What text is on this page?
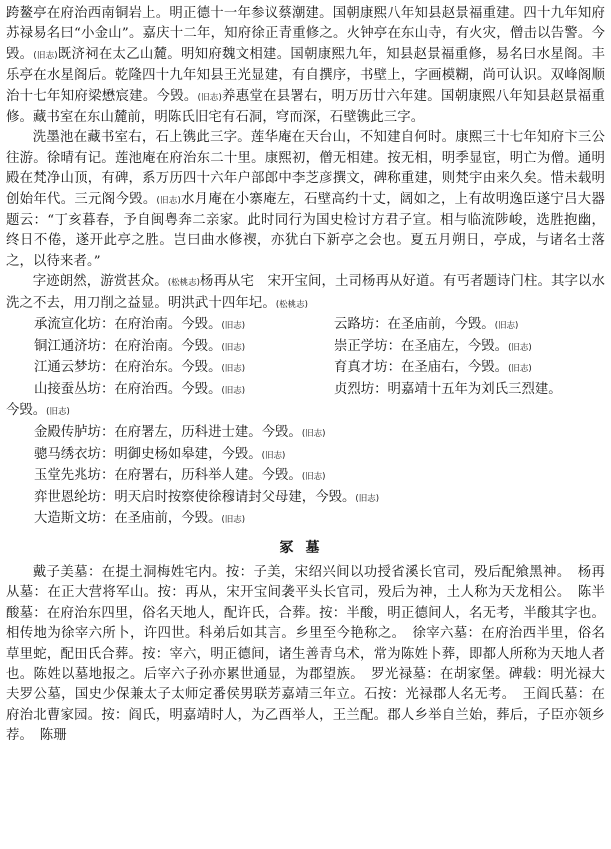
跨鳌亭在府治西南铜岩上。明正德十一年参议蔡潮建。国朝康熙八年知县赵景福重建。四十九年知府苏禄易名曰“小金山”。嘉庆十二年，知府徐正青重修之。火钟亭在东山寺，有火灾，僧击以告警。今毁。(旧志)既济祠在太乙山麓。明知府魏文相建。国朝康熙九年，知县赵景福重修，易名曰水星阁。丰乐亭在水星阁后。乾隆四十九年知县王光显建，有自撰序，书壁上，字画模糊，尚可认识。双峰阁顺治十七年知府梁懋宸建。今毁。(旧志)养惠堂在县署右，明万历廿六年建。国朝康熙八年知县赵景福重修。藏书室在东山麓前，明陈氏旧宅有石洞，穹而深，石壁镌此三字。

洗墨池在藏书室右，石上镌此三字。莲华庵在天台山，不知建自何时。康熙三十七年知府卞三公往游。徐晴有记。莲池庵在府治东二十里。康熙初，僧无相建。按无相，明季显宦，明亡为僧。通明殿在梵净山顶，有碑，系万历四十六年户部郎中李芝彦撰文，碑称重建，则梵宇由来久矣。惜未载明创始年代。三元阁今毁。(旧志)水月庵在小寨庵左，石壁高约十丈，阔如之，上有故明逸臣遂宁吕大器题云：“丁亥暮春，予自闽粤奔二亲家。此时同行为国史检讨方君子宣。相与临流陟峻，选胜抱幽，终日不倦，遂开此亭之胜。岂曰曲水修禊，亦犹白下新亭之会也。夏五月朔日，亭成，与诸名士落之，以待来者。”

字迹朗然，游赏甚众。(松桃志)杨再从宅　宋开宝间，土司杨再从好道。有丐者题诗门柱。其字以水洗之不去，用刀削之益显。明洪武十四年圮。(松桃志)

承流宣化坊：在府治南。今毁。(旧志)	云路坊：在圣庙前，今毁。(旧志)
铜江通济坊：在府治南。今毁。(旧志)	崇正学坊：在圣庙左，今毁。(旧志)
江通云梦坊：在府治东。今毁。(旧志)	育真才坊：在圣庙右，今毁。(旧志)
山接蚕丛坊：在府治西。今毁。(旧志)	贞烈坊：明嘉靖十五年为刘氏三烈建。
今毁。(旧志)
金殿传胪坊：在府署左，历科进士建。今毁。(旧志)
骢马绣衣坊：明御史杨如皋建，今毁。(旧志)
玉堂先兆坊：在府署右，历科举人建。今毁。(旧志)
弈世恩纶坊：明天启时按察使徐穆请封父母建，今毁。(旧志)
大造斯文坊：在圣庙前，今毁。(旧志)
冢墓

戴子美墓：在提土洞梅姓宅内。按：子美，宋绍兴间以功授省溪长官司，殁后配飨黑神。　 杨再从墓：在正大营将军山。按：再从，宋开宝间袭平头长官司，殁后为神，土人称为天龙相公。　 陈半酸墓：在府治东四里，俗名天地人，配许氏，合葬。按：半酸，明正德间人，名无考，半酸其字也。相传地为徐宰六所卜，许四世。科弟后如其言。乡里至今艳称之。　 徐宰六墓：在府治西半里，俗名草里蛇，配田氏合葬。按：宰六，明正德间，诸生善青乌术，常为陈姓卜葬，即都人所称为天地人者也。陈姓以墓地报之。后宰六子孙亦累世通显，为郡望族。　 罗光禄墓：在胡家堡。碑载：明光禄大夫罗公墓，国史少保兼太子太师定番侯男联芳嘉靖三年立。石按：光禄郡人名无考。　 王阎氏墓：在府治北曹家园。按：阎氏，明嘉靖时人，为乙酉举人，王兰配。郡人乡举自兰始，葬后，子臣亦领乡荐。　 陈珊
